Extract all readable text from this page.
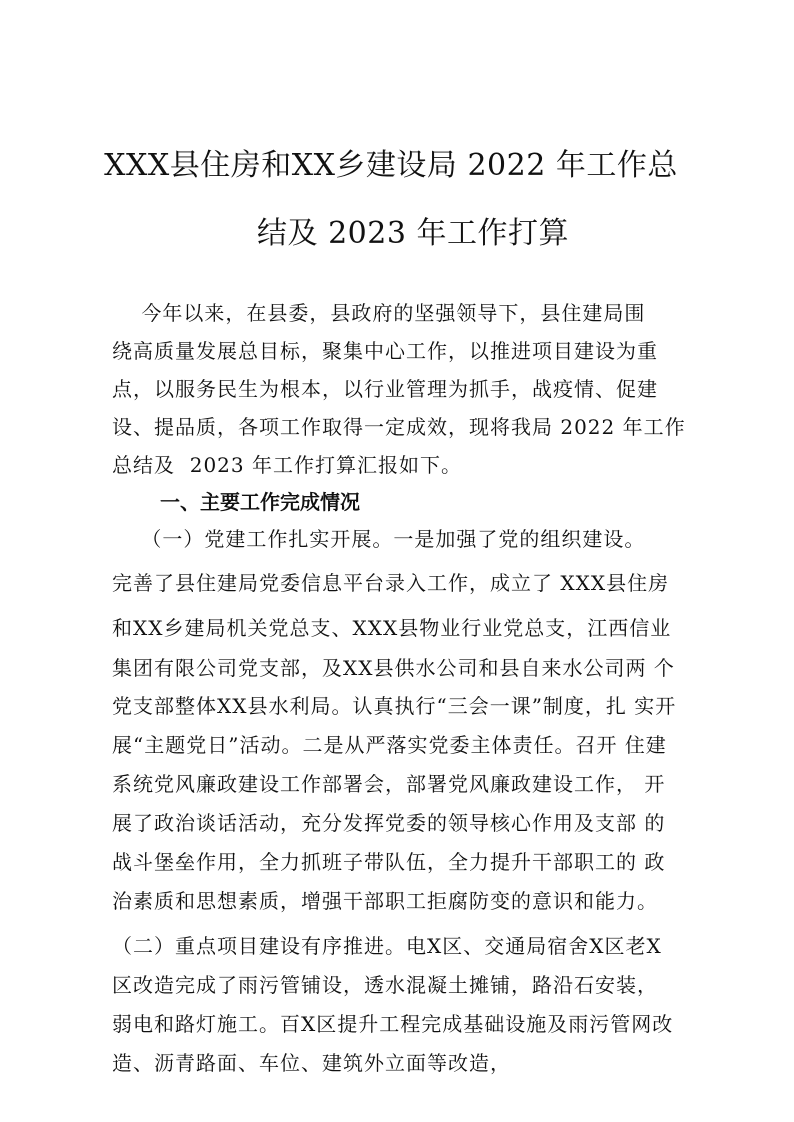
XXX县住房和XX乡建设局 2022 年工作总
结及 2023 年工作打算
今年以来，在县委，县政府的坚强领导下，县住建局围
绕高质量发展总目标，聚集中心工作，以推进项目建设为重
点，以服务民生为根本，以行业管理为抓手，战疫情、促建
设、提品质，各项工作取得一定成效，现将我局 2022 年工作
总结及  2023 年工作打算汇报如下。
一、主要工作完成情况
（一）党建工作扎实开展。一是加强了党的组织建设。
完善了县住建局党委信息平台录入工作，成立了 XXX县住房
和XX乡建局机关党总支、XXX县物业行业党总支，江西信业
集团有限公司党支部，及XX县供水公司和县自来水公司两 个
党支部整体XX县水利局。认真执行“三会一课”制度，扎 实开
展“主题党日”活动。二是从严落实党委主体责任。召开 住建
系统党风廉政建设工作部署会，部署党风廉政建设工作， 开
展了政治谈话活动，充分发挥党委的领导核心作用及支部 的
战斗堡垒作用，全力抓班子带队伍，全力提升干部职工的 政
治素质和思想素质，增强干部职工拒腐防变的意识和能力。
（二）重点项目建设有序推进。电X区、交通局宿舍X区老X
区改造完成了雨污管铺设，透水混凝土摊铺，路沿石安装，
弱电和路灯施工。百X区提升工程完成基础设施及雨污管网改
造、沥青路面、车位、建筑外立面等改造，
